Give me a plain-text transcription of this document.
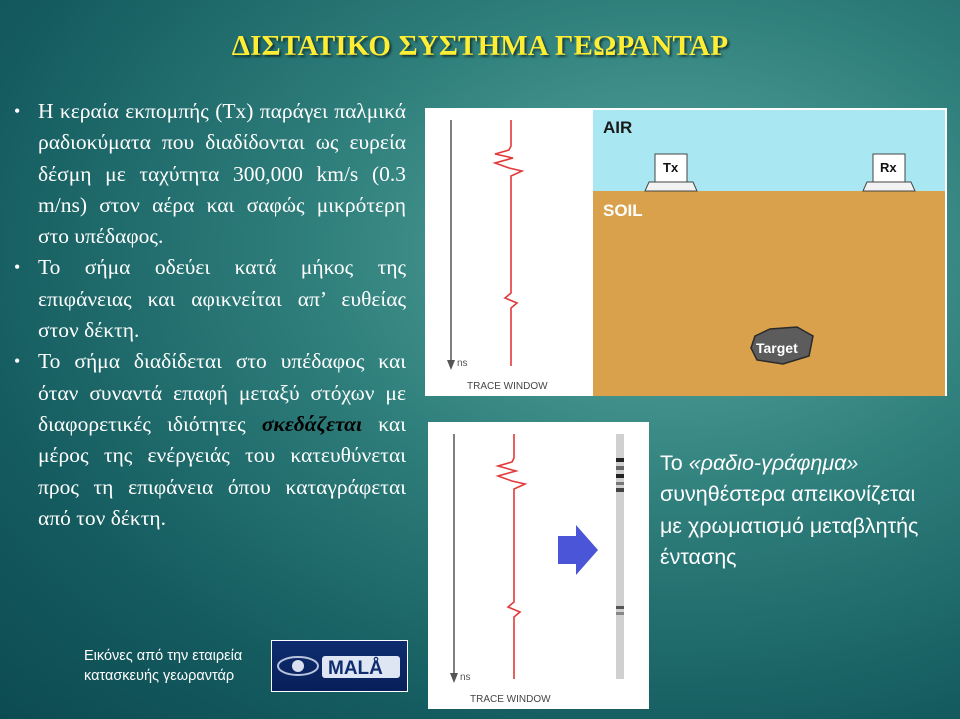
ΔΙΣΤΑΤΙΚΟ ΣΥΣΤΗΜΑ ΓΕΩΡΑΝΤΑΡ
• Η κεραία εκπομπής (Tx) παράγει παλμικά ραδιοκύματα που διαδίδονται ως ευρεία δέσμη με ταχύτητα 300,000 km/s (0.3 m/ns) στον αέρα και σαφώς μικρότερη στο υπέδαφος.
• Το σήμα οδεύει κατά μήκος της επιφάνειας και αφικνείται απ’ ευθείας στον δέκτη.
• Το σήμα διαδίδεται στο υπέδαφος και όταν συναντά επαφή μεταξύ στόχων με διαφορετικές ιδιότητες σκεδάζεται και μέρος της ενέργειάς του κατευθύνεται προς τη επιφάνεια όπου καταγράφεται από τον δέκτη.
ns
TRACE WINDOW
AIR
SOIL
Tx	Rx
Target
ns
TRACE WINDOW
Το «ραδιο-γράφημα» συνηθέστερα απεικονίζεται με χρωματισμό μεταβλητής έντασης
Εικόνες από την εταιρεία κατασκευής γεωραντάρ	MALÅ
